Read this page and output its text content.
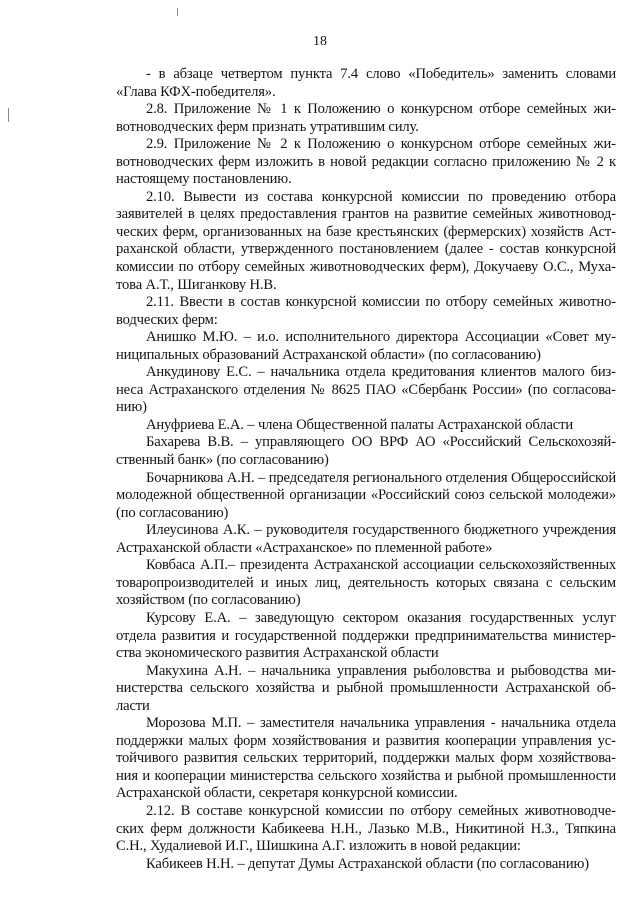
18

- в абзаце четвертом пункта 7.4 слово «Победитель» заменить словами «Глава КФХ-победителя».

2.8. Приложение № 1 к Положению о конкурсном отборе семейных животноводческих ферм признать утратившим силу.

2.9. Приложение № 2 к Положению о конкурсном отборе семейных животноводческих ферм изложить в новой редакции согласно приложению № 2 к настоящему постановлению.

2.10. Вывести из состава конкурсной комиссии по проведению отбора заявителей в целях предоставления грантов на развитие семейных животноводческих ферм, организованных на базе крестьянских (фермерских) хозяйств Астраханской области, утвержденного постановлением (далее - состав конкурсной комиссии по отбору семейных животноводческих ферм), Докучаеву О.С., Мухатова А.Т., Шиганкову Н.В.

2.11. Ввести в состав конкурсной комиссии по отбору семейных животноводческих ферм:

Анишко М.Ю. – и.о. исполнительного директора Ассоциации «Совет муниципальных образований Астраханской области» (по согласованию)

Анкудинову Е.С. – начальника отдела кредитования клиентов малого бизнеса Астраханского отделения № 8625 ПАО «Сбербанк России» (по согласованию)

Ануфриева Е.А. – члена Общественной палаты Астраханской области

Бахарева В.В. – управляющего ОО ВРФ АО «Российский Сельскохозяйственный банк» (по согласованию)

Бочарникова А.Н. – председателя регионального отделения Общероссийской молодежной общественной организации «Российский союз сельской молодежи» (по согласованию)

Илеусинова А.К. – руководителя государственного бюджетного учреждения Астраханской области «Астраханское» по племенной работе»

Ковбаса А.П.– президента Астраханской ассоциации сельскохозяйственных товаропроизводителей и иных лиц, деятельность которых связана с сельским хозяйством (по согласованию)

Курсову Е.А. – заведующую сектором оказания государственных услуг отдела развития и государственной поддержки предпринимательства министерства экономического развития Астраханской области

Макухина А.Н. – начальника управления рыболовства и рыбоводства министерства сельского хозяйства и рыбной промышленности Астраханской области

Морозова М.П. – заместителя начальника управления - начальника отдела поддержки малых форм хозяйствования и развития кооперации управления устойчивого развития сельских территорий, поддержки малых форм хозяйствования и кооперации министерства сельского хозяйства и рыбной промышленности Астраханской области, секретаря конкурсной комиссии.

2.12. В составе конкурсной комиссии по отбору семейных животноводческих ферм должности Кабикеева Н.Н., Лазько М.В., Никитиной Н.З., Тяпкина С.Н., Худалиевой И.Г., Шишкина А.Г. изложить в новой редакции:

Кабикеев Н.Н. – депутат Думы Астраханской области (по согласованию)
